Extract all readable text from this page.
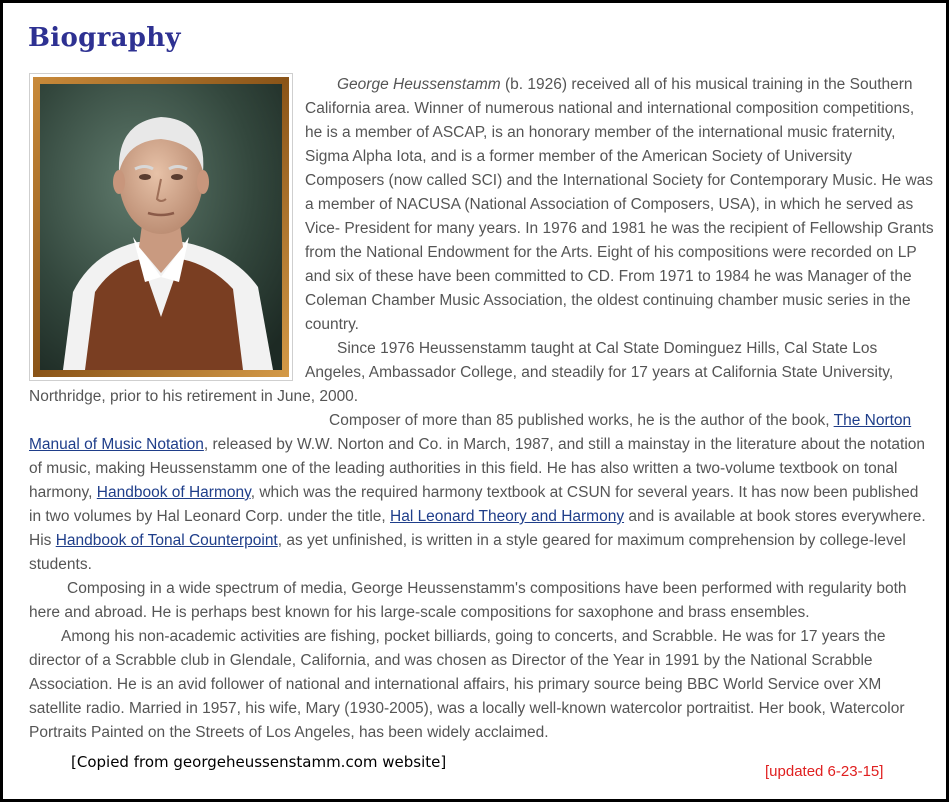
Biography

George Heussenstamm (b. 1926) received all of his musical training in the Southern California area. Winner of numerous national and international composition competitions, he is a member of ASCAP, is an honorary member of the international music fraternity, Sigma Alpha Iota, and is a former member of the American Society of University Composers (now called SCI) and the International Society for Contemporary Music. He was a member of NACUSA (National Association of Composers, USA), in which he served as Vice- President for many years. In 1976 and 1981 he was the recipient of Fellowship Grants from the National Endowment for the Arts. Eight of his compositions were recorded on LP and six of these have been committed to CD. From 1971 to 1984 he was Manager of the Coleman Chamber Music Association, the oldest continuing chamber music series in the country.

Since 1976 Heussenstamm taught at Cal State Dominguez Hills, Cal State Los Angeles, Ambassador College, and steadily for 17 years at California State University, Northridge, prior to his retirement in June, 2000.

Composer of more than 85 published works, he is the author of the book, The Norton Manual of Music Notation, released by W.W. Norton and Co. in March, 1987, and still a mainstay in the literature about the notation of music, making Heussenstamm one of the leading authorities in this field. He has also written a two-volume textbook on tonal harmony, Handbook of Harmony, which was the required harmony textbook at CSUN for several years. It has now been published in two volumes by Hal Leonard Corp. under the title, Hal Leonard Theory and Harmony and is available at book stores everywhere. His Handbook of Tonal Counterpoint, as yet unfinished, is written in a style geared for maximum comprehension by college-level students.

Composing in a wide spectrum of media, George Heussenstamm's compositions have been performed with regularity both here and abroad. He is perhaps best known for his large-scale compositions for saxophone and brass ensembles.

Among his non-academic activities are fishing, pocket billiards, going to concerts, and Scrabble. He was for 17 years the director of a Scrabble club in Glendale, California, and was chosen as Director of the Year in 1991 by the National Scrabble Association. He is an avid follower of national and international affairs, his primary source being BBC World Service over XM satellite radio. Married in 1957, his wife, Mary (1930-2005), was a locally well-known watercolor portraitist. Her book, Watercolor Portraits Painted on the Streets of Los Angeles, has been widely acclaimed.

[Copied from georgeheussenstamm.com website]
[updated 6-23-15]
